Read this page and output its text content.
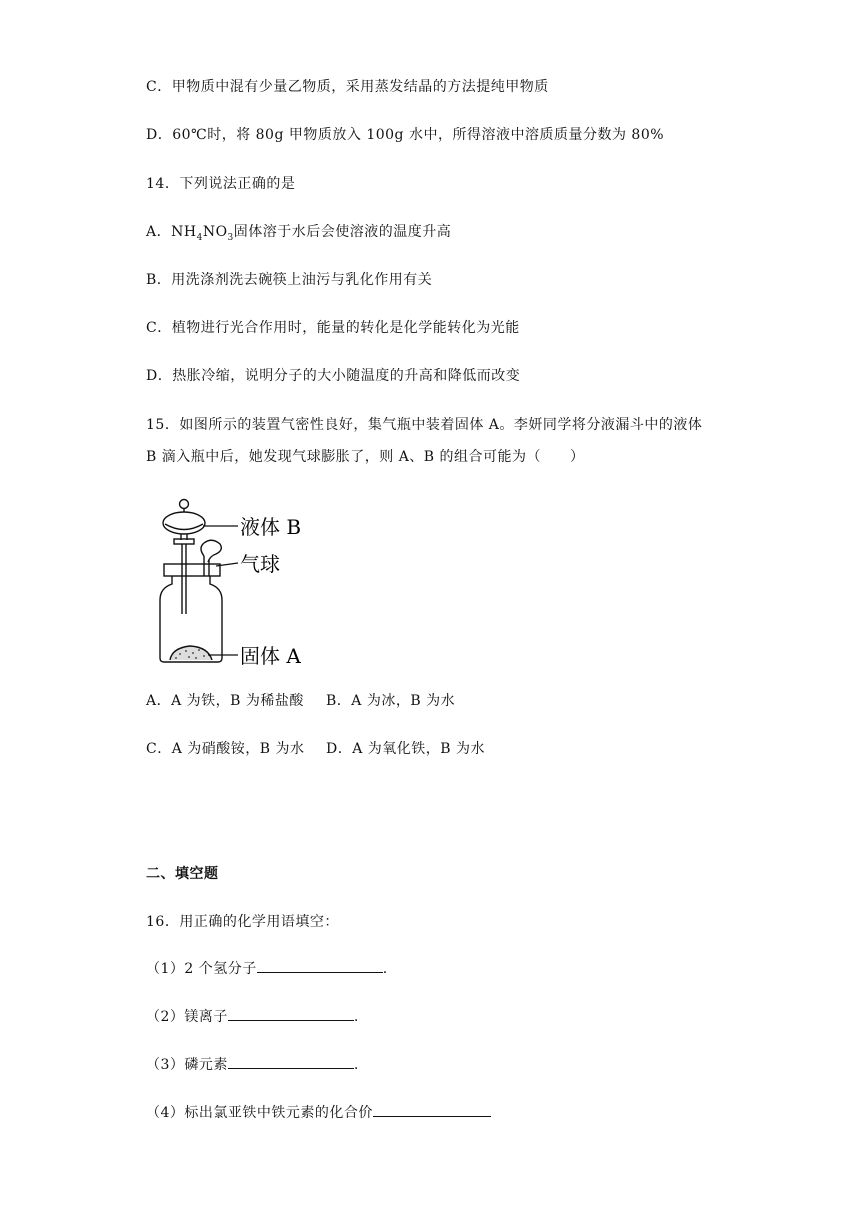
C．甲物质中混有少量乙物质，采用蒸发结晶的方法提纯甲物质
D．60℃时，将 80g 甲物质放入 100g 水中，所得溶液中溶质质量分数为 80%
14．下列说法正确的是
A．$NH_4NO_3$固体溶于水后会使溶液的温度升高
B．用洗涤剂洗去碗筷上油污与乳化作用有关
C．植物进行光合作用时，能量的转化是化学能转化为光能
D．热胀冷缩，说明分子的大小随温度的升高和降低而改变
15．如图所示的装置气密性良好，集气瓶中装着固体 A。李妍同学将分液漏斗中的液体
B 滴入瓶中后，她发现气球膨胀了，则 A、B 的组合可能为（　　）
液体 B
气球
固体 A
A．A 为铁，B 为稀盐酸 B．A 为冰，B 为水
C．A 为硝酸铵，B 为水 D．A 为氧化铁，B 为水
二、填空题
16．用正确的化学用语填空：
（1）2 个氢分子	.
（2）镁离子	.
（3）磷元素	.
（4）标出氯亚铁中铁元素的化合价
